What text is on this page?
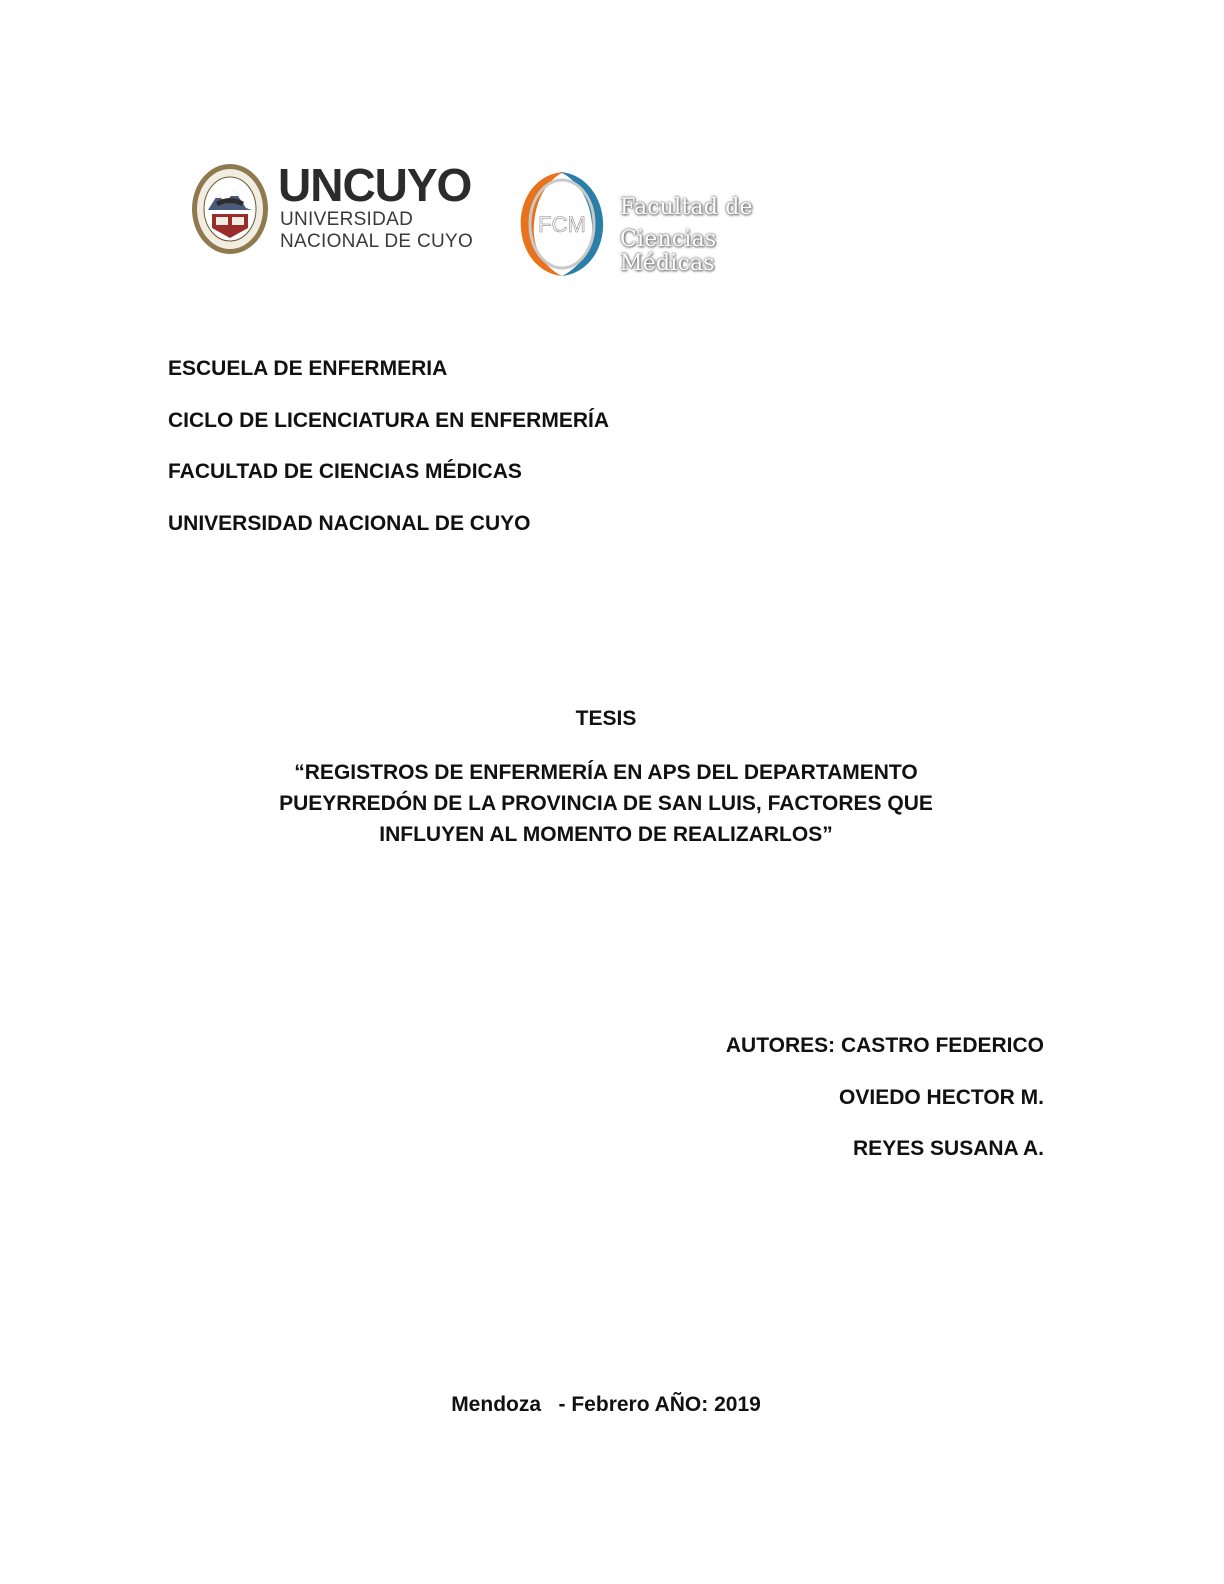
UNCUYO
UNIVERSIDAD
NACIONAL DE CUYO
FCM
Facultad de
Ciencias Médicas
ESCUELA DE ENFERMERIA
CICLO DE LICENCIATURA EN ENFERMERÍA
FACULTAD DE CIENCIAS MÉDICAS
UNIVERSIDAD NACIONAL DE CUYO
TESIS
“REGISTROS DE ENFERMERÍA EN APS DEL DEPARTAMENTO
PUEYRREDÓN DE LA PROVINCIA DE SAN LUIS, FACTORES QUE
INFLUYEN AL MOMENTO DE REALIZARLOS”
AUTORES: CASTRO FEDERICO
OVIEDO HECTOR M.
REYES SUSANA A.
Mendoza   - Febrero AÑO: 2019
